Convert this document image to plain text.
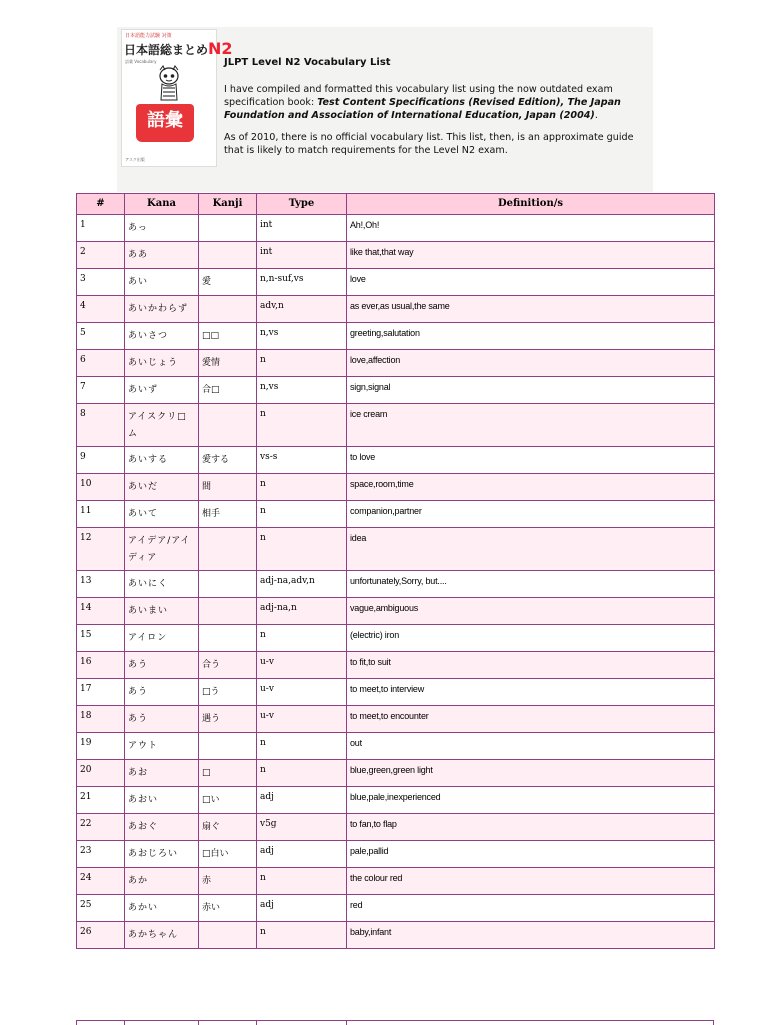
日本語能力試験 対策
日本語総まとめN2
語彙 Vocabulary
語彙
アスク出版
JLPT Level N2 Vocabulary List

I have compiled and formatted this vocabulary list using the now outdated exam specification book: Test Content Specifications (Revised Edition), The Japan Foundation and Association of International Education, Japan (2004).

As of 2010, there is no official vocabulary list. This list, then, is an approximate guide that is likely to match requirements for the Level N2 exam.

#	Kana	Kanji	Type	Definition/s
1	あっ		int	Ah!,Oh!
2	ああ		int	like that,that way
3	あい	愛	n,n-suf,vs	love
4	あいかわらず		adv,n	as ever,as usual,the same
5	あいさつ	□□	n,vs	greeting,salutation
6	あいじょう	愛情	n	love,affection
7	あいず	合□	n,vs	sign,signal
8	アイスクリ□ ム		n	ice cream
9	あいする	愛する	vs-s	to love
10	あいだ	間	n	space,room,time
11	あいて	相手	n	companion,partner
12	アイデア/アイディア		n	idea
13	あいにく		adj-na,adv,n	unfortunately,Sorry, but....
14	あいまい		adj-na,n	vague,ambiguous
15	アイロン		n	(electric) iron
16	あう	合う	u-v	to fit,to suit
17	あう	□う	u-v	to meet,to interview
18	あう	遇う	u-v	to meet,to encounter
19	アウト		n	out
20	あお	□	n	blue,green,green light
21	あおい	□い	adj	blue,pale,inexperienced
22	あおぐ	扇ぐ	v5g	to fan,to flap
23	あおじろい	□白い	adj	pale,pallid
24	あか	赤	n	the colour red
25	あかい	赤い	adj	red
26	あかちゃん		n	baby,infant
